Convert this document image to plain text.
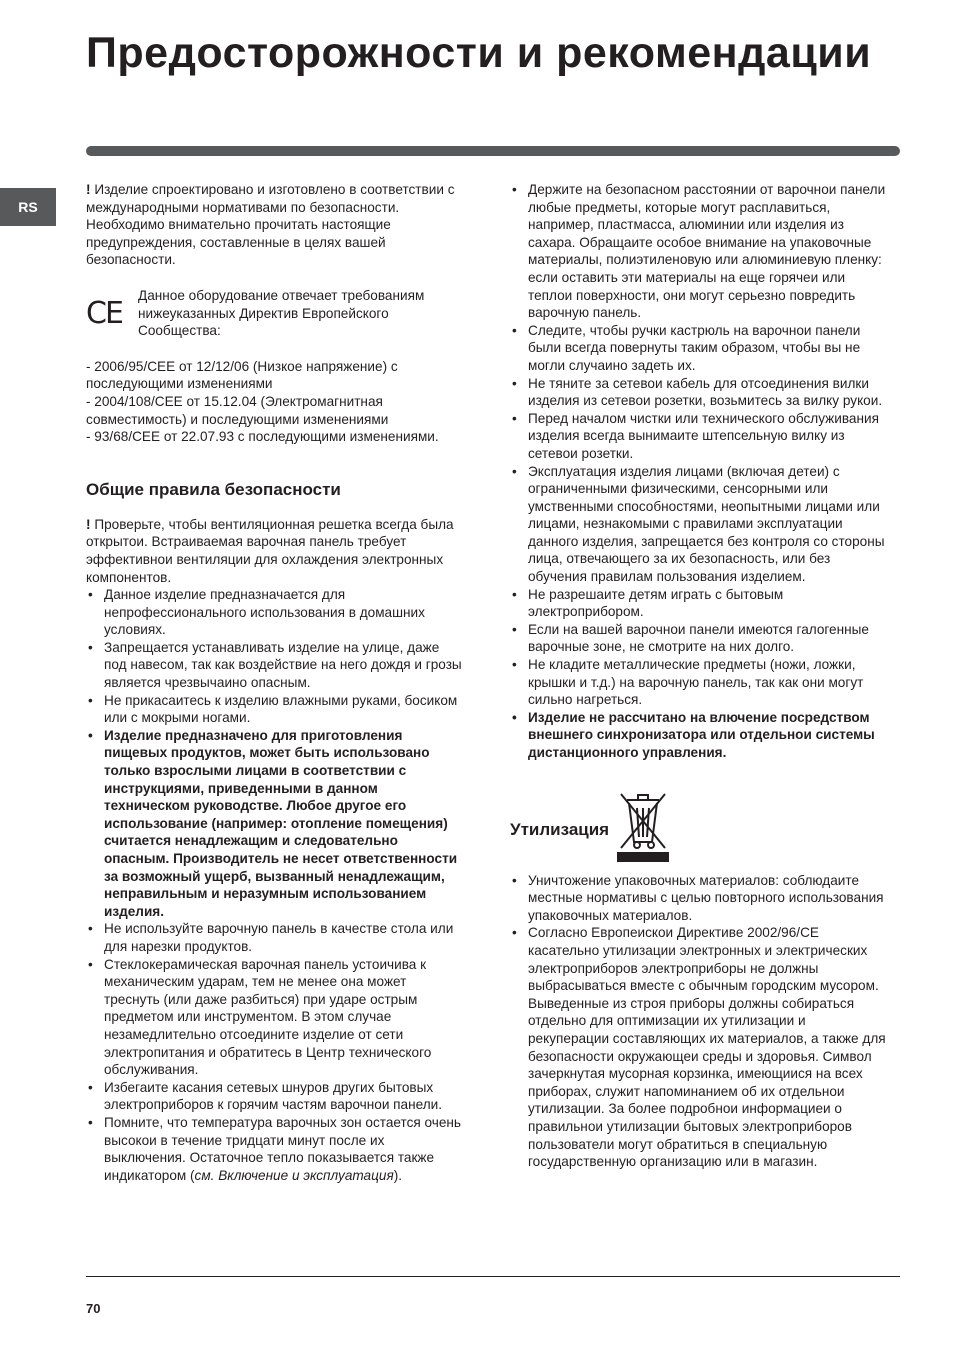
Предосторожности и рекомендации
RS

! Изделие спроектировано и изготовлено в соответствии с международными нормативами по безопасности. Необходимо внимательно прочитать настоящие предупреждения, составленные в целях вашей безопасности.

CE
Данное оборудование отвечает требованиям нижеуказанных Директив Европейского Сообщества:

- 2006/95/CEE от 12/12/06 (Низкое напряжение) с последующими изменениями

- 2004/108/CEE от 15.12.04 (Электромагнитная совместимость) и последующими изменениями

- 93/68/CEE от 22.07.93 с последующими изменениями.

Общие правила безопасности

! Проверьте, чтобы вентиляционная решетка всегда была открытои. Встраиваемая варочная панель требует эффективнои вентиляции для охлаждения электронных компонентов.

• Данное изделие предназначается для непрофессионального использования в домашних условиях.
• Запрещается устанавливать изделие на улице, даже под навесом, так как воздействие на него дождя и грозы является чрезвычаино опасным.
• Не прикасаитесь к изделию влажными руками, босиком или с мокрыми ногами.
• Изделие предназначено для приготовления пищевых продуктов, может быть использовано только взрослыми лицами в соответствии с инструкциями, приведенными в данном техническом руководстве. Любое другое его использование (например: отопление помещения) считается ненадлежащим и следовательно опасным. Производитель не несет ответственности за возможный ущерб, вызванный ненадлежащим, неправильным и неразумным использованием изделия.
• Не используйте варочную панель в качестве стола или для нарезки продуктов.
• Стеклокерамическая варочная панель устоичива к механическим ударам, тем не менее она может треснуть (или даже разбиться) при ударе острым предметом или инструментом. В этом случае незамедлительно отсоедините изделие от сети электропитания и обратитесь в Центр технического обслуживания.
• Избегаите касания сетевых шнуров других бытовых электроприборов к горячим частям варочнои панели.
• Помните, что температура варочных зон остается очень высокои в течение тридцати минут после их выключения. Остаточное тепло показывается также индикатором (см. Включение и эксплуатация).
• Держите на безопасном расстоянии от варочнои панели любые предметы, которые могут расплавиться, например, пластмасса, алюминии или изделия из сахара. Обращаите особое внимание на упаковочные материалы, полиэтиленовую или алюминиевую пленку: если оставить эти материалы на еще горячеи или теплои поверхности, они могут серьезно повредить варочную панель.
• Следите, чтобы ручки кастрюль на варочнои панели были всегда повернуты таким образом, чтобы вы не могли случаино задеть их.
• Не тяните за сетевои кабель для отсоединения вилки изделия из сетевои розетки, возьмитесь за вилку рукои.
• Перед началом чистки или технического обслуживания изделия всегда вынимаите штепсельную вилку из сетевои розетки.
• Эксплуатация изделия лицами (включая детеи) с ограниченными физическими, сенсорными или умственными способностями, неопытными лицами или лицами, незнакомыми с правилами эксплуатации данного изделия, запрещается без контроля со стороны лица, отвечающего за их безопасность, или без обучения правилам пользования изделием.
• Не разрешаите детям играть с бытовым электроприбором.
• Если на вашей варочнои панели имеются галогенные варочные зоне, не смотрите на них долго.
• Не кладите металлические предметы (ножи, ложки, крышки и т.д.) на варочную панель, так как они могут сильно нагреться.
• Изделие не рассчитано на влючение посредством внешнего синхронизатора или отдельнои системы дистанционного управления.
Утилизация
• Уничтожение упаковочных материалов: соблюдаите местные нормативы с целью повторного использования упаковочных материалов.
• Согласно Европеискои Директиве 2002/96/CE касательно утилизации электронных и электрических электроприборов электроприборы не должны выбрасываться вместе с обычным городским мусором. Выведенные из строя приборы должны собираться отдельно для оптимизации их утилизации и рекуперации составляющих их материалов, а также для безопасности окружающеи среды и здоровья. Символ зачеркнутая мусорная корзинка, имеющиися на всех приборах, служит напоминанием об их отдельнои утилизации. За более подробнои информациеи о правильнои утилизации бытовых электроприборов пользователи могут обратиться в специальную государственную организацию или в магазин.
70
